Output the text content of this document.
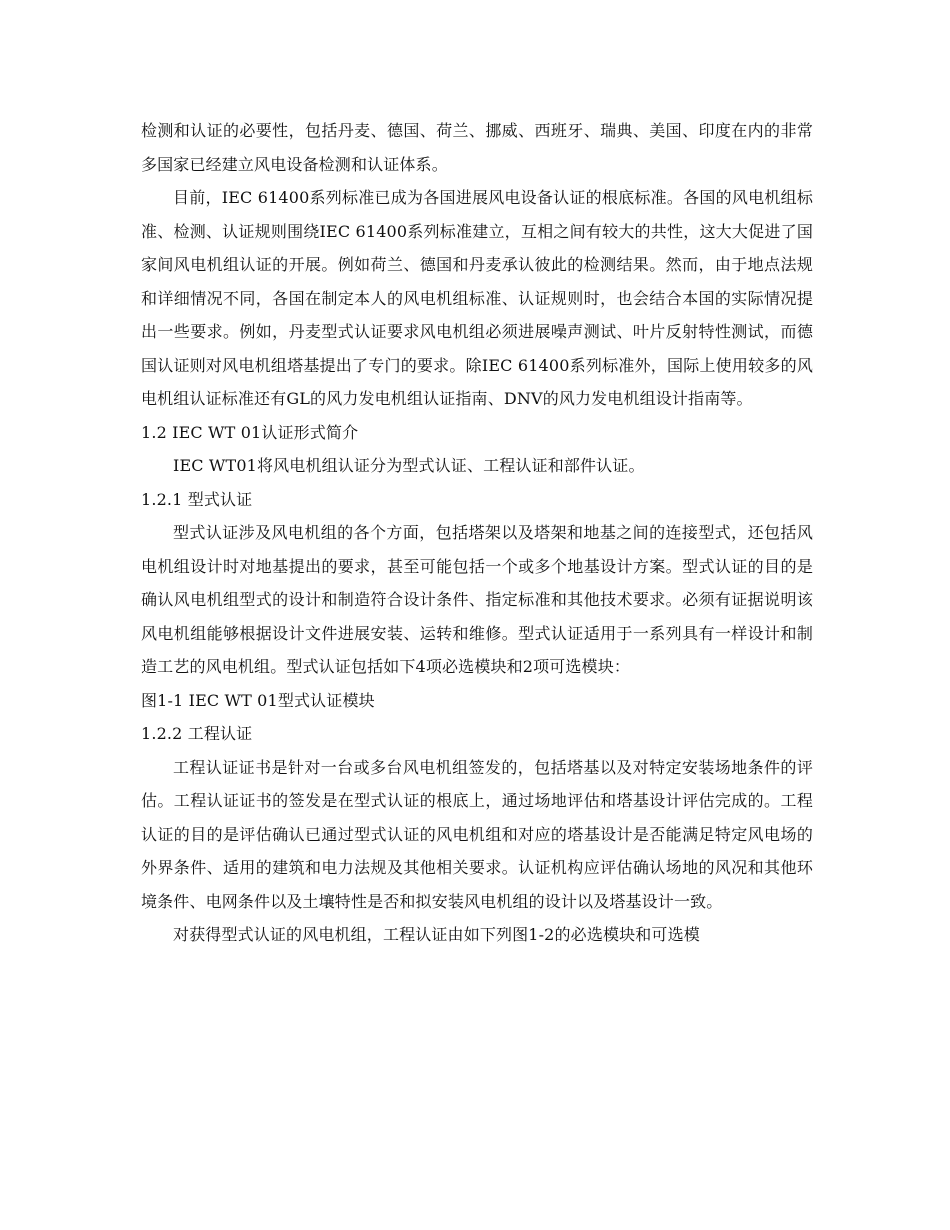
检测和认证的必要性，包括丹麦、德国、荷兰、挪威、西班牙、瑞典、美国、印度在内的非常多国家已经建立风电设备检测和认证体系。

目前，IEC 61400系列标准已成为各国进展风电设备认证的根底标准。各国的风电机组标准、检测、认证规则围绕IEC 61400系列标准建立，互相之间有较大的共性，这大大促进了国家间风电机组认证的开展。例如荷兰、德国和丹麦承认彼此的检测结果。然而，由于地点法规和详细情况不同，各国在制定本人的风电机组标准、认证规则时，也会结合本国的实际情况提出一些要求。例如，丹麦型式认证要求风电机组必须进展噪声测试、叶片反射特性测试，而德国认证则对风电机组塔基提出了专门的要求。除IEC 61400系列标准外，国际上使用较多的风电机组认证标准还有GL的风力发电机组认证指南、DNV的风力发电机组设计指南等。

1.2 IEC WT 01认证形式简介

IEC WT01将风电机组认证分为型式认证、工程认证和部件认证。

1.2.1 型式认证

型式认证涉及风电机组的各个方面，包括塔架以及塔架和地基之间的连接型式，还包括风电机组设计时对地基提出的要求，甚至可能包括一个或多个地基设计方案。型式认证的目的是确认风电机组型式的设计和制造符合设计条件、指定标准和其他技术要求。必须有证据说明该风电机组能够根据设计文件进展安装、运转和维修。型式认证适用于一系列具有一样设计和制造工艺的风电机组。型式认证包括如下4项必选模块和2项可选模块：

图1-1 IEC WT 01型式认证模块

1.2.2 工程认证

工程认证证书是针对一台或多台风电机组签发的，包括塔基以及对特定安装场地条件的评估。工程认证证书的签发是在型式认证的根底上，通过场地评估和塔基设计评估完成的。工程认证的目的是评估确认已通过型式认证的风电机组和对应的塔基设计是否能满足特定风电场的外界条件、适用的建筑和电力法规及其他相关要求。认证机构应评估确认场地的风况和其他环境条件、电网条件以及土壤特性是否和拟安装风电机组的设计以及塔基设计一致。

对获得型式认证的风电机组，工程认证由如下列图1-2的必选模块和可选模
